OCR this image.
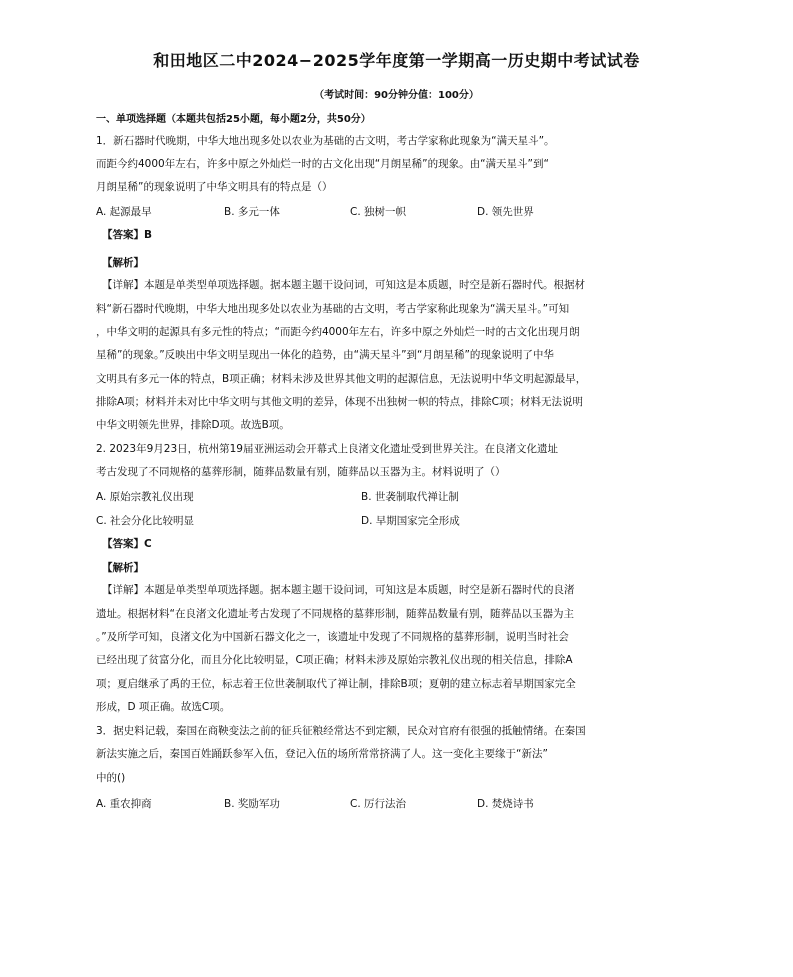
和田地区二中2024−2025学年度第一学期高一历史期中考试试卷
（考试时间：90分钟分值：100分）
一、单项选择题（本题共包括25小题，每小题2分，共50分）
1．新石器时代晚期，中华大地出现多处以农业为基础的古文明，考古学家称此现象为“满天星斗”。
而距今约4000年左右，许多中原之外灿烂一时的古文化出现“月朗星稀”的现象。由“满天星斗”到“
月朗星稀”的现象说明了中华文明具有的特点是（）
A. 起源最早	B. 多元一体	C. 独树一帜	D. 领先世界
【答案】B
【解析】
【详解】本题是单类型单项选择题。据本题主题干设问词，可知这是本质题，时空是新石器时代。根据材
料“新石器时代晚期，中华大地出现多处以农业为基础的古文明，考古学家称此现象为“满天星斗。”可知
，中华文明的起源具有多元性的特点；“而距今约4000年左右，许多中原之外灿烂一时的古文化出现月朗
星稀”的现象。”反映出中华文明呈现出一体化的趋势，由“满天星斗”到“月朗星稀”的现象说明了中华
文明具有多元一体的特点，B项正确；材料未涉及世界其他文明的起源信息，无法说明中华文明起源最早，
排除A项；材料并未对比中华文明与其他文明的差异，体现不出独树一帜的特点，排除C项；材料无法说明
中华文明领先世界，排除D项。故选B项。
2. 2023年9月23日，杭州第19届亚洲运动会开幕式上良渚文化遗址受到世界关注。在良渚文化遗址
考古发现了不同规格的墓葬形制，随葬品数量有别，随葬品以玉器为主。材料说明了（）
A. 原始宗教礼仪出现	B. 世袭制取代禅让制
C. 社会分化比较明显	D. 早期国家完全形成
【答案】C
【解析】
【详解】本题是单类型单项选择题。据本题主题干设问词，可知这是本质题，时空是新石器时代的良渚
遗址。根据材料“在良渚文化遗址考古发现了不同规格的墓葬形制，随葬品数量有别，随葬品以玉器为主
。”及所学可知，良渚文化为中国新石器文化之一，该遗址中发现了不同规格的墓葬形制，说明当时社会
已经出现了贫富分化，而且分化比较明显，C项正确；材料未涉及原始宗教礼仪出现的相关信息，排除A
项；夏启继承了禹的王位，标志着王位世袭制取代了禅让制，排除B项；夏朝的建立标志着早期国家完全
形成，D 项正确。故选C项。
3．据史料记载，秦国在商鞅变法之前的征兵征粮经常达不到定额，民众对官府有很强的抵触情绪。在秦国
新法实施之后，秦国百姓踊跃参军入伍，登记入伍的场所常常挤满了人。这一变化主要缘于“新法”
中的()
A. 重农抑商	B. 奖励军功	C. 厉行法治	D. 焚烧诗书
